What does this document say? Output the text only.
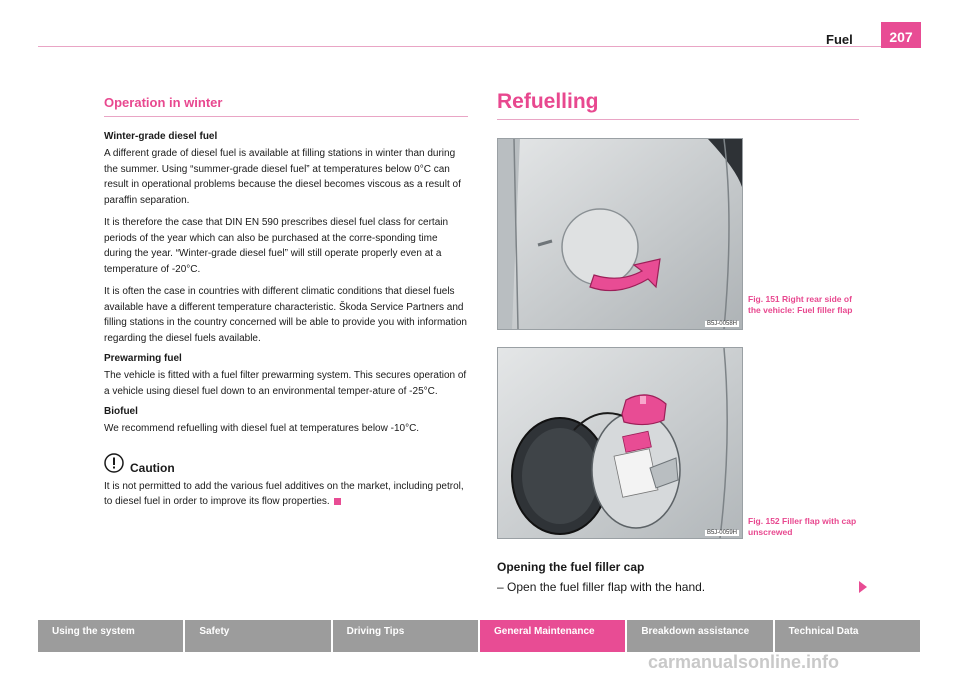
Fuel	207
Operation in winter
Winter-grade diesel fuel

A different grade of diesel fuel is available at filling stations in winter than during the summer. Using “summer-grade diesel fuel” at temperatures below 0°C can result in operational problems because the diesel becomes viscous as a result of paraffin separation.

It is therefore the case that DIN EN 590 prescribes diesel fuel class for certain periods of the year which can also be purchased at the corre-sponding time during the year. “Winter-grade diesel fuel” will still operate properly even at a temperature of -20°C.

It is often the case in countries with different climatic conditions that diesel fuels available have a different temperature characteristic. Škoda Service Partners and filling stations in the country concerned will be able to provide you with information regarding the diesel fuels available.

Prewarming fuel

The vehicle is fitted with a fuel filter prewarming system. This secures operation of a vehicle using diesel fuel down to an environmental temper-ature of -25°C.

Biofuel

We recommend refuelling with diesel fuel at temperatures below -10°C.

Caution

It is not permitted to add the various fuel additives on the market, including petrol, to diesel fuel in order to improve its flow properties.

Refuelling
B5J-0058H
Fig. 151 Right rear side of the vehicle: Fuel filler flap
B5J-0059H
Fig. 152 Filler flap with cap unscrewed
Opening the fuel filler cap
– Open the fuel filler flap with the hand.
Using the system	Safety	Driving Tips	General Maintenance	Breakdown assistance	Technical Data
carmanualsonline.info
